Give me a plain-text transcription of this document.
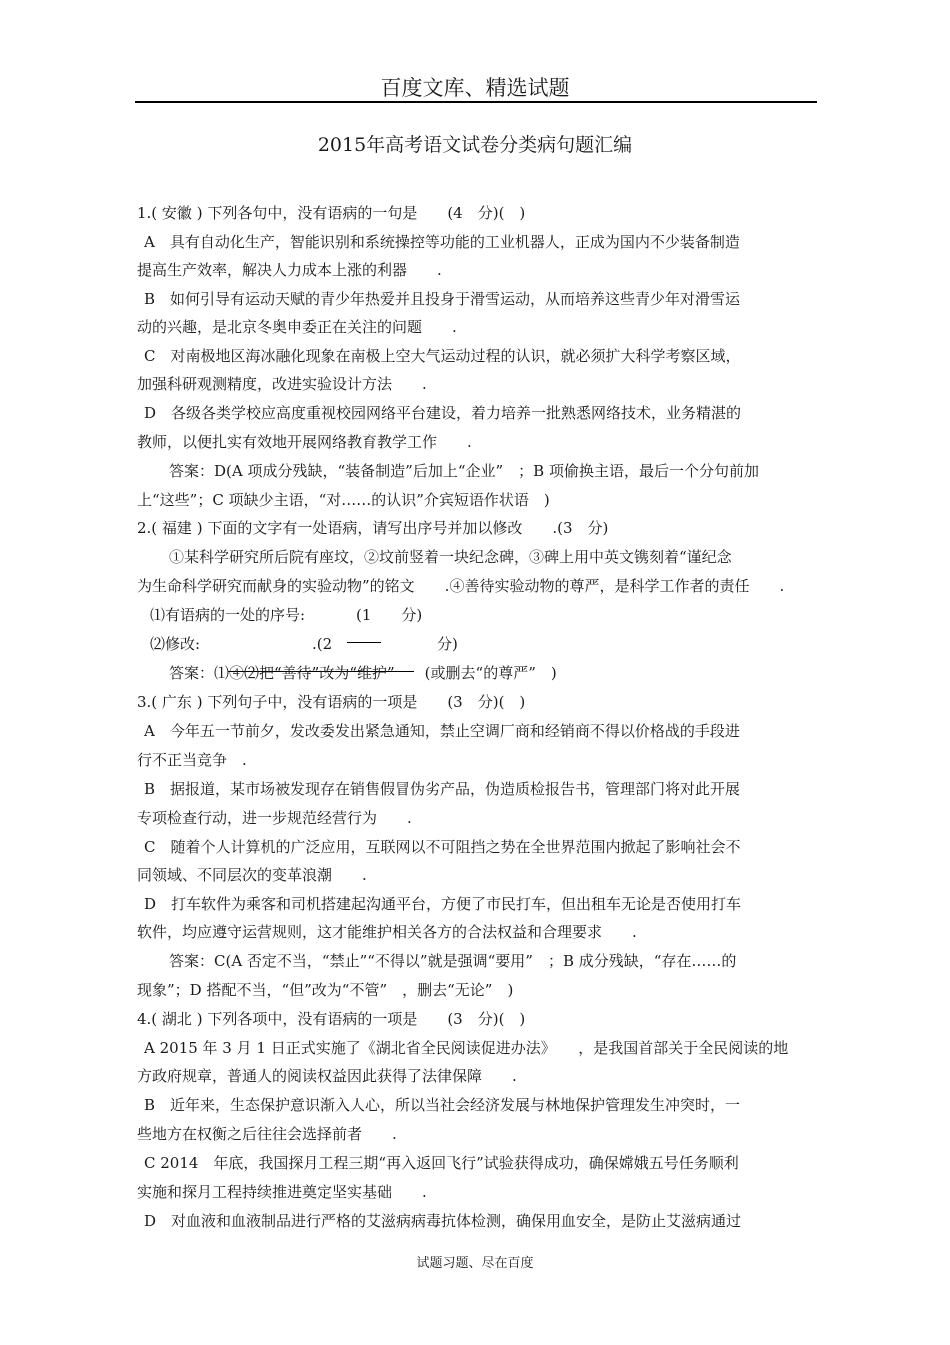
百度文库、精选试题
2015年高考语文试卷分类病句题汇编
1.( 安徽 ) 下列各句中，没有语病的一句是　　(4　分)(　)
A　具有自动化生产，智能识别和系统操控等功能的工业机器人，正成为国内不少装备制造
提高生产效率，解决人力成本上涨的利器　　.
B　如何引导有运动天赋的青少年热爱并且投身于滑雪运动，从而培养这些青少年对滑雪运
动的兴趣，是北京冬奥申委正在关注的问题　　.
C　对南极地区海冰融化现象在南极上空大气运动过程的认识，就必须扩大科学考察区域，
加强科研观测精度，改进实验设计方法　　.
D　各级各类学校应高度重视校园网络平台建设，着力培养一批熟悉网络技术，业务精湛的
教师，以便扎实有效地开展网络教育教学工作　　.
答案：D(A 项成分残缺，“装备制造”后加上“企业”　；B 项偷换主语，最后一个分句前加
上“这些”；C 项缺少主语，“对……的认识”介宾短语作状语　)
2.( 福建 ) 下面的文字有一处语病，请写出序号并加以修改　　.(3　分)
①某科学研究所后院有座坟，②坟前竖着一块纪念碑，③碑上用中英文镌刻着“谨纪念
为生命科学研究而献身的实验动物”的铭文　　.④善待实验动物的尊严，是科学工作者的责任　　.
⑴有语病的一处的序号:

	(1　　分)
⑵修改:

	.(2	分)
答案：⑴④⑵把“善待”改为“维护”　　(或删去“的尊严”　)
3.( 广东 ) 下列句子中，没有语病的一项是　　(3　分)(　)
A　今年五一节前夕，发改委发出紧急通知，禁止空调厂商和经销商不得以价格战的手段进
行不正当竞争　.
B　据报道，某市场被发现存在销售假冒伪劣产品，伪造质检报告书，管理部门将对此开展
专项检查行动，进一步规范经营行为　　.
C　随着个人计算机的广泛应用，互联网以不可阻挡之势在全世界范围内掀起了影响社会不
同领域、不同层次的变革浪潮　　.
D　打车软件为乘客和司机搭建起沟通平台，方便了市民打车，但出租车无论是否使用打车
软件，均应遵守运营规则，这才能维护相关各方的合法权益和合理要求　　.
答案：C(A 否定不当，“禁止”“不得以”就是强调“要用”　；B 成分残缺，“存在……的
现象”；D 搭配不当，“但”改为“不管”　，删去“无论”　)
4.( 湖北 ) 下列各项中，没有语病的一项是　　(3　分)(　)
A 2015 年 3 月 1 日正式实施了《湖北省全民阅读促进办法》　　，是我国首部关于全民阅读的地
方政府规章，普通人的阅读权益因此获得了法律保障　　.
B　近年来，生态保护意识渐入人心，所以当社会经济发展与林地保护管理发生冲突时，一
些地方在权衡之后往往会选择前者　　.
C 2014　年底，我国探月工程三期“再入返回飞行”试验获得成功，确保嫦娥五号任务顺利
实施和探月工程持续推进奠定坚实基础　　.
D　对血液和血液制品进行严格的艾滋病病毒抗体检测，确保用血安全，是防止艾滋病通过
试题习题、尽在百度
